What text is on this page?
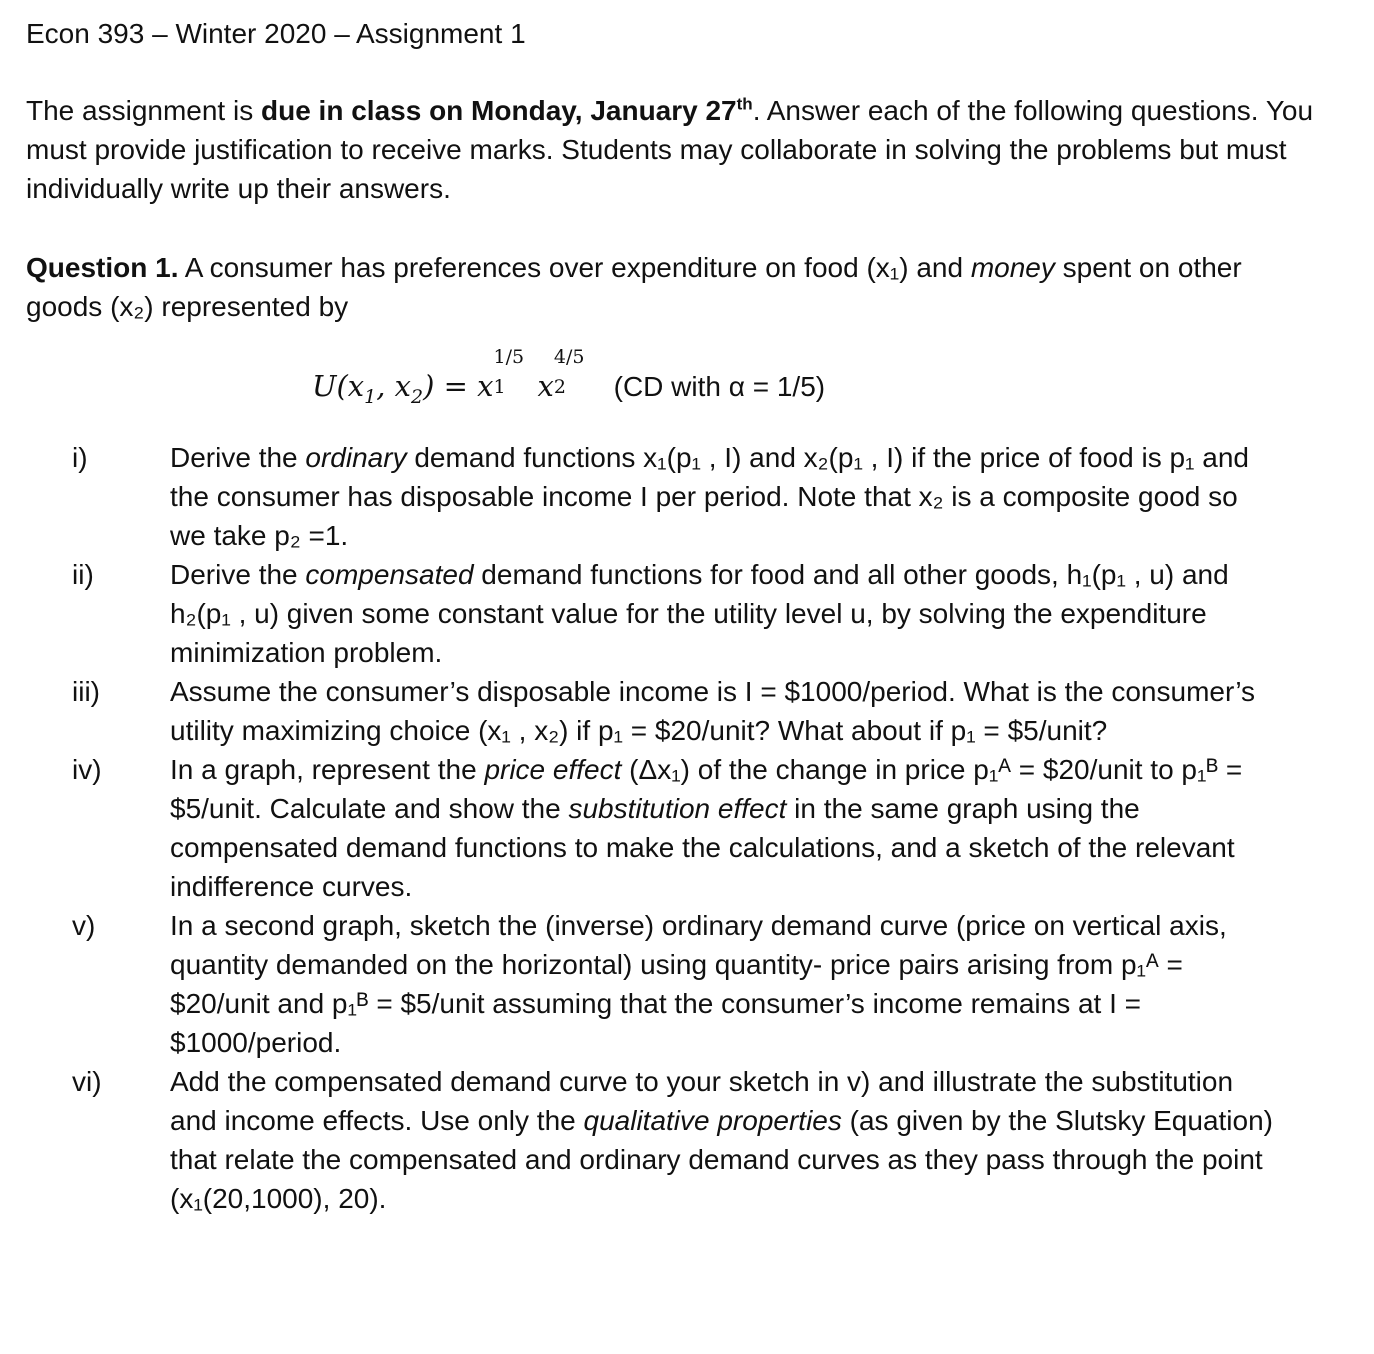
Econ 393 – Winter 2020 – Assignment 1

The assignment is due in class on Monday, January 27th. Answer each of the following questions. You must provide justification to receive marks. Students may collaborate in solving the problems but must individually write up their answers.

Question 1. A consumer has preferences over expenditure on food (x₁) and money spent on other goods (x₂) represented by

$U(x_1$, $x_2) = x$
1/5
1 x
4/5
2 (CD with α = 1/5)
i)	Derive the ordinary demand functions x₁(p₁ , I) and x₂(p₁ , I) if the price of food is p₁ and the consumer has disposable income I per period. Note that x₂ is a composite good so we take p₂ =1.
ii)	Derive the compensated demand functions for food and all other goods, h₁(p₁ , u) and h₂(p₁ , u) given some constant value for the utility level u, by solving the expenditure minimization problem.
iii)	Assume the consumer’s disposable income is I = $1000/period. What is the consumer’s utility maximizing choice (x₁ , x₂) if p₁ = $20/unit? What about if p₁ = $5/unit?
iv)	In a graph, represent the price effect (Δx₁) of the change in price p₁ᴬ = $20/unit to p₁ᴮ = $5/unit. Calculate and show the substitution effect in the same graph using the compensated demand functions to make the calculations, and a sketch of the relevant indifference curves.
v)	In a second graph, sketch the (inverse) ordinary demand curve (price on vertical axis, quantity demanded on the horizontal) using quantity- price pairs arising from p₁ᴬ = $20/unit and p₁ᴮ = $5/unit assuming that the consumer’s income remains at I = $1000/period.
vi)	Add the compensated demand curve to your sketch in v) and illustrate the substitution and income effects. Use only the qualitative properties (as given by the Slutsky Equation) that relate the compensated and ordinary demand curves as they pass through the point (x₁(20,1000), 20).
